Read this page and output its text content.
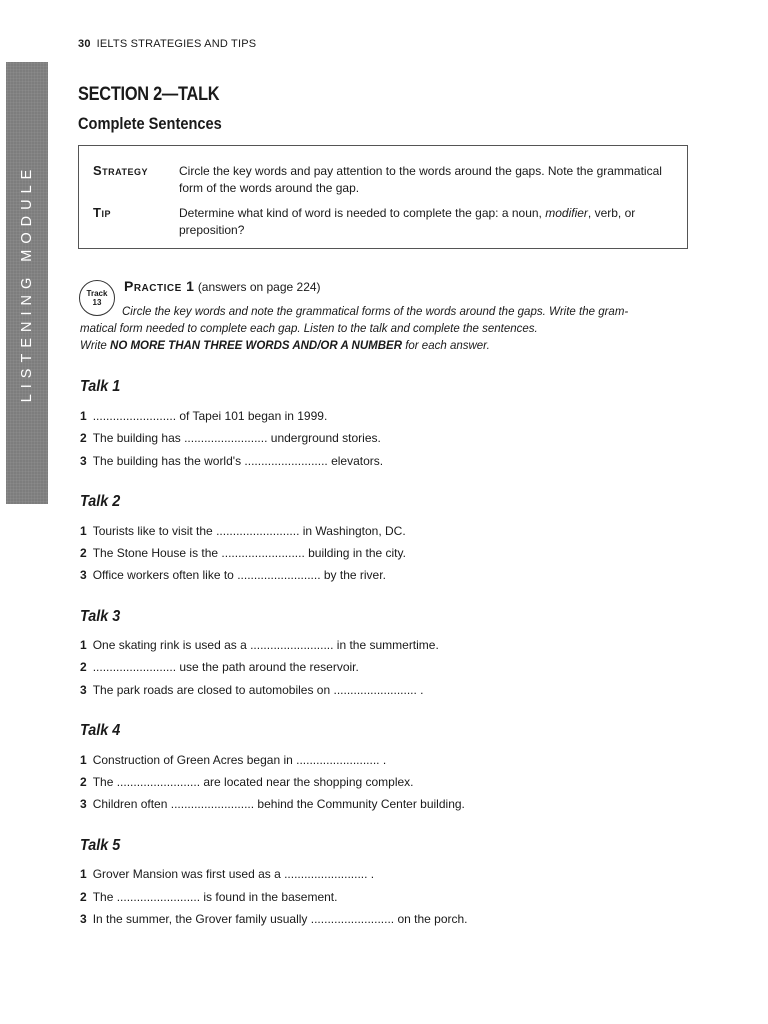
LISTENING MODULE
30 IELTS STRATEGIES AND TIPS
SECTION 2—TALK
Complete Sentences
Strategy	Circle the key words and pay attention to the words around the gaps. Note the grammatical form of the words around the gap.
Tip	Determine what kind of word is needed to complete the gap: a noun, modifier, verb, or preposition?
Track
13
Practice 1 (answers on page 224)
Circle the key words and note the grammatical forms of the words around the gaps. Write the gram-
matical form needed to complete each gap. Listen to the talk and complete the sentences.
Write NO MORE THAN THREE WORDS AND/OR A NUMBER for each answer.
Talk 1
1 ......................... of Tapei 101 began in 1999.
2 The building has ......................... underground stories.
3 The building has the world's ......................... elevators.
Talk 2
1 Tourists like to visit the ......................... in Washington, DC.
2 The Stone House is the ......................... building in the city.
3 Office workers often like to ......................... by the river.
Talk 3
1 One skating rink is used as a ......................... in the summertime.
2 ......................... use the path around the reservoir.
3 The park roads are closed to automobiles on ......................... .
Talk 4
1 Construction of Green Acres began in ......................... .
2 The ......................... are located near the shopping complex.
3 Children often ......................... behind the Community Center building.
Talk 5
1 Grover Mansion was first used as a ......................... .
2 The ......................... is found in the basement.
3 In the summer, the Grover family usually ......................... on the porch.
